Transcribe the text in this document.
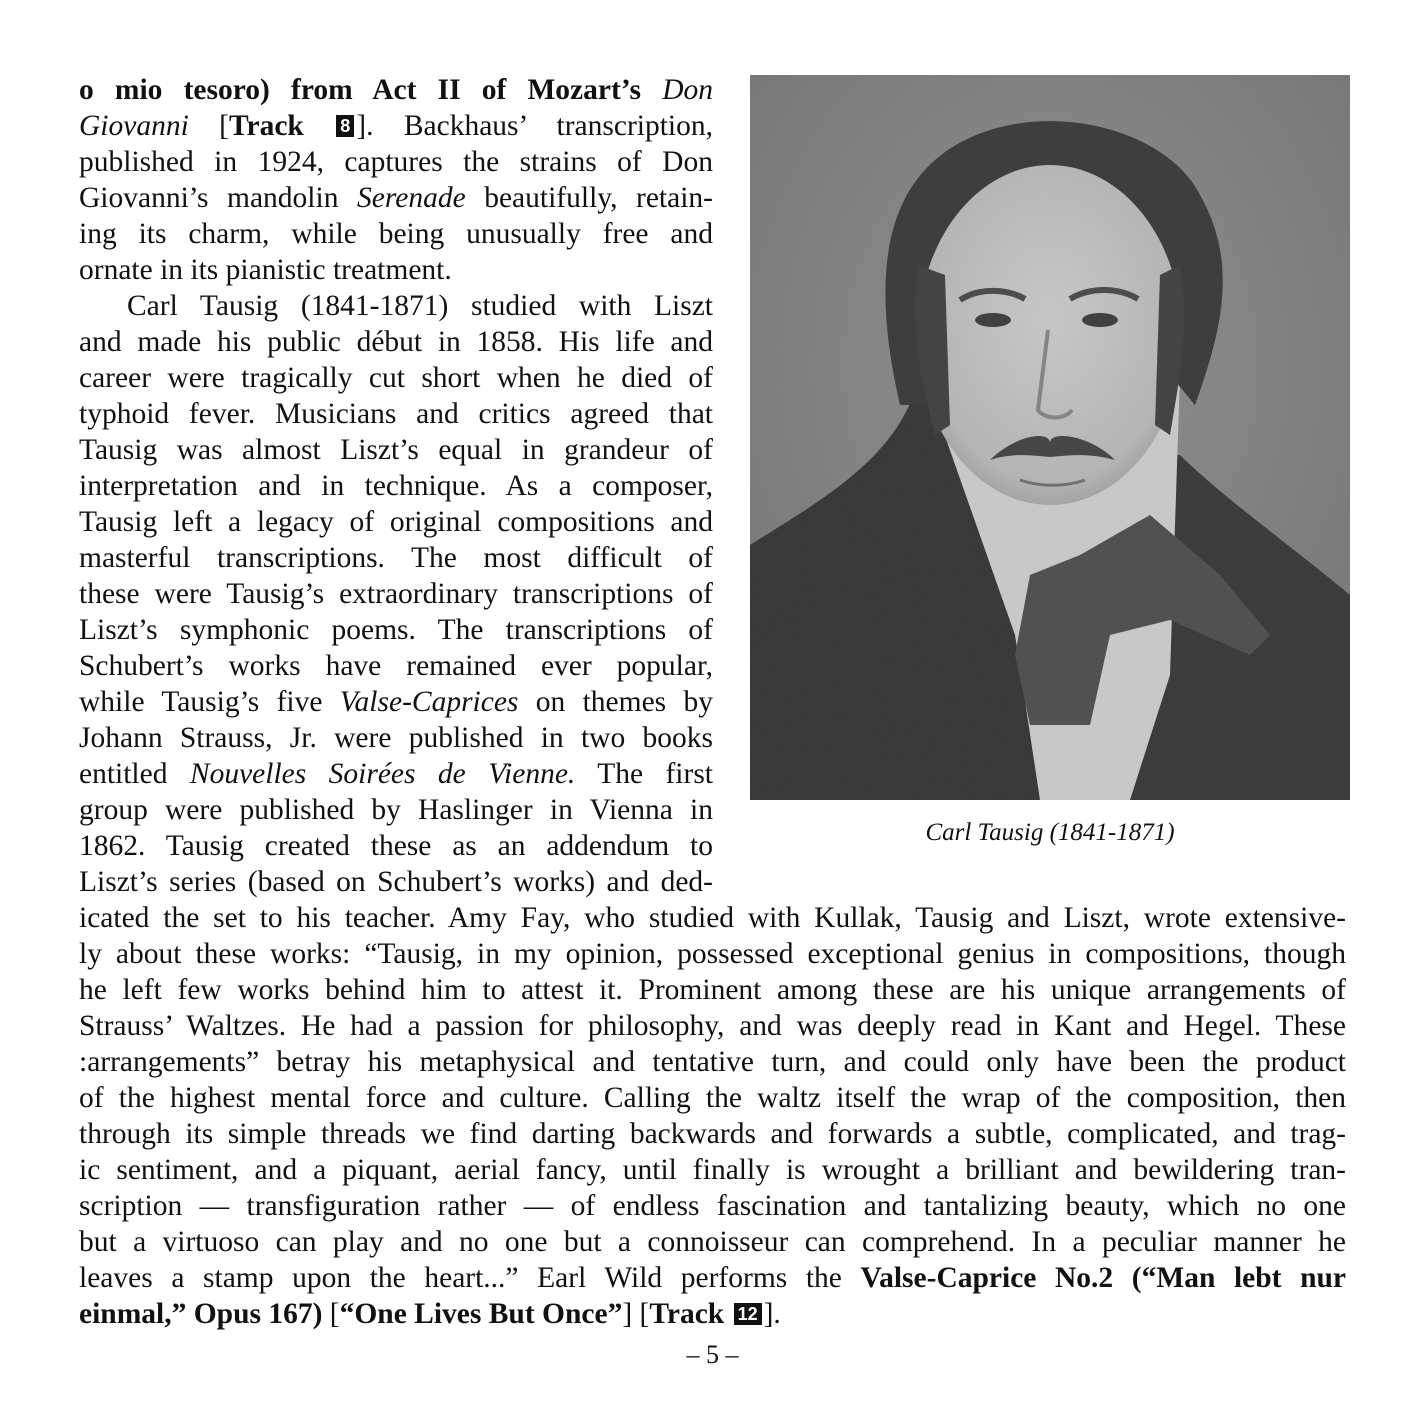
o mio tesoro) from Act II of Mozart’s Don
Giovanni [Track 8 ]. Backhaus’ transcription,
published in 1924, captures the strains of Don
Giovanni’s mandolin Serenade beautifully, retain-
ing its charm, while being unusually free and
ornate in its pianistic treatment.
Carl Tausig (1841-1871) studied with Liszt
and made his public début in 1858. His life and
career were tragically cut short when he died of
typhoid fever. Musicians and critics agreed that
Tausig was almost Liszt’s equal in grandeur of
interpretation and in technique. As a composer,
Tausig left a legacy of original compositions and
masterful transcriptions. The most difficult of
these were Tausig’s extraordinary transcriptions of
Liszt’s symphonic poems. The transcriptions of
Schubert’s works have remained ever popular,
while Tausig’s five Valse-Caprices on themes by
Johann Strauss, Jr. were published in two books
entitled Nouvelles Soirées de Vienne. The first
group were published by Haslinger in Vienna in
1862. Tausig created these as an addendum to
Liszt’s series (based on Schubert’s works) and ded-
icated the set to his teacher. Amy Fay, who studied with Kullak, Tausig and Liszt, wrote extensive-
ly about these works: “Tausig, in my opinion, possessed exceptional genius in compositions, though
he left few works behind him to attest it. Prominent among these are his unique arrangements of
Strauss’ Waltzes. He had a passion for philosophy, and was deeply read in Kant and Hegel. These
:arrangements” betray his metaphysical and tentative turn, and could only have been the product
of the highest mental force and culture. Calling the waltz itself the wrap of the composition, then
through its simple threads we find darting backwards and forwards a subtle, complicated, and trag-
ic sentiment, and a piquant, aerial fancy, until finally is wrought a brilliant and bewildering tran-
scription — transfiguration rather — of endless fascination and tantalizing beauty, which no one
but a virtuoso can play and no one but a connoisseur can comprehend. In a peculiar manner he
leaves a stamp upon the heart...” Earl Wild performs the Valse-Caprice No.2 (“Man lebt nur
einmal,” Opus 167) [“One Lives But Once”] [Track 12 ].
Carl Tausig (1841-1871)
– 5 –
